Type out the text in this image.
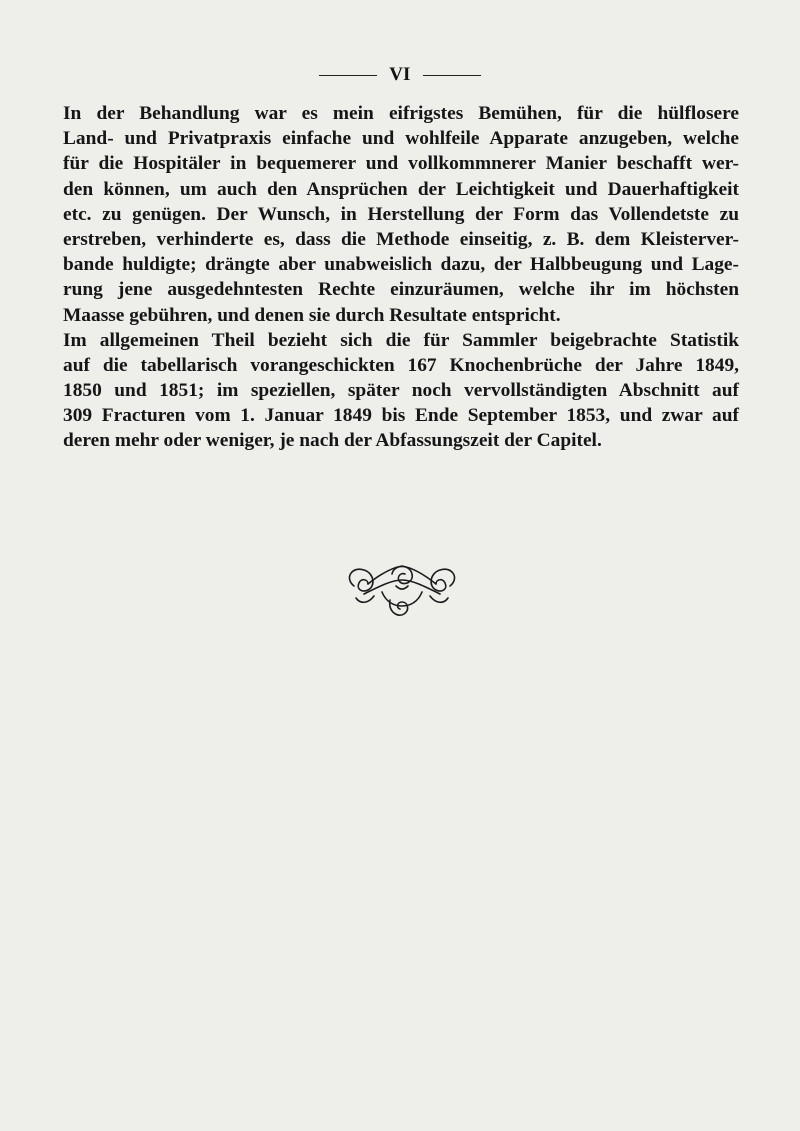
VI
In der Behandlung war es mein eifrigstes Bemühen, für die hülflosere
Land- und Privatpraxis einfache und wohlfeile Apparate anzugeben, welche
für die Hospitäler in bequemerer und vollkommnerer Manier beschafft wer-
den können, um auch den Ansprüchen der Leichtigkeit und Dauerhaftigkeit
etc. zu genügen. Der Wunsch, in Herstellung der Form das Vollendetste zu
erstreben, verhinderte es, dass die Methode einseitig, z. B. dem Kleisterver-
bande huldigte; drängte aber unabweislich dazu, der Halbbeugung und Lage-
rung jene ausgedehntesten Rechte einzuräumen, welche ihr im höchsten
Maasse gebühren, und denen sie durch Resultate entspricht.
Im allgemeinen Theil bezieht sich die für Sammler beigebrachte Statistik
auf die tabellarisch vorangeschickten 167 Knochenbrüche der Jahre 1849,
1850 und 1851; im speziellen, später noch vervollständigten Abschnitt auf
309 Fracturen vom 1. Januar 1849 bis Ende September 1853, und zwar auf
deren mehr oder weniger, je nach der Abfassungszeit der Capitel.
